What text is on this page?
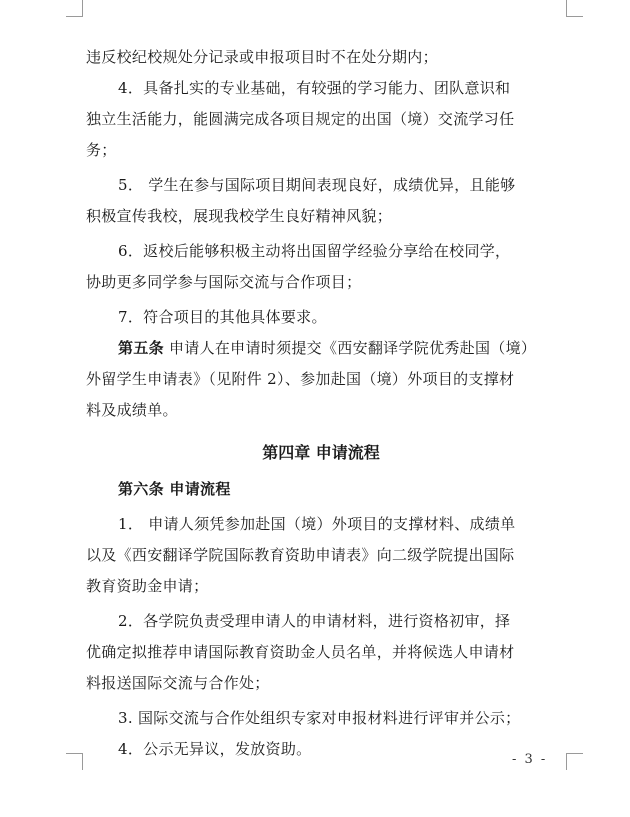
违反校纪校规处分记录或申报项目时不在处分期内；
4．具备扎实的专业基础，有较强的学习能力、团队意识和
独立生活能力，能圆满完成各项目规定的出国（境）交流学习任
务；
5． 学生在参与国际项目期间表现良好，成绩优异，且能够
积极宣传我校，展现我校学生良好精神风貌；
6．返校后能够积极主动将出国留学经验分享给在校同学，
协助更多同学参与国际交流与合作项目；
7．符合项目的其他具体要求。
第五条 申请人在申请时须提交《西安翻译学院优秀赴国（境）
外留学生申请表》（见附件 2）、参加赴国（境）外项目的支撑材
料及成绩单。
第四章 申请流程
第六条 申请流程
1． 申请人须凭参加赴国（境）外项目的支撑材料、成绩单
以及《西安翻译学院国际教育资助申请表》向二级学院提出国际
教育资助金申请；
2．各学院负责受理申请人的申请材料，进行资格初审，择
优确定拟推荐申请国际教育资助金人员名单，并将候选人申请材
料报送国际交流与合作处；
3. 国际交流与合作处组织专家对申报材料进行评审并公示；
4．公示无异议，发放资助。
- 3 -
